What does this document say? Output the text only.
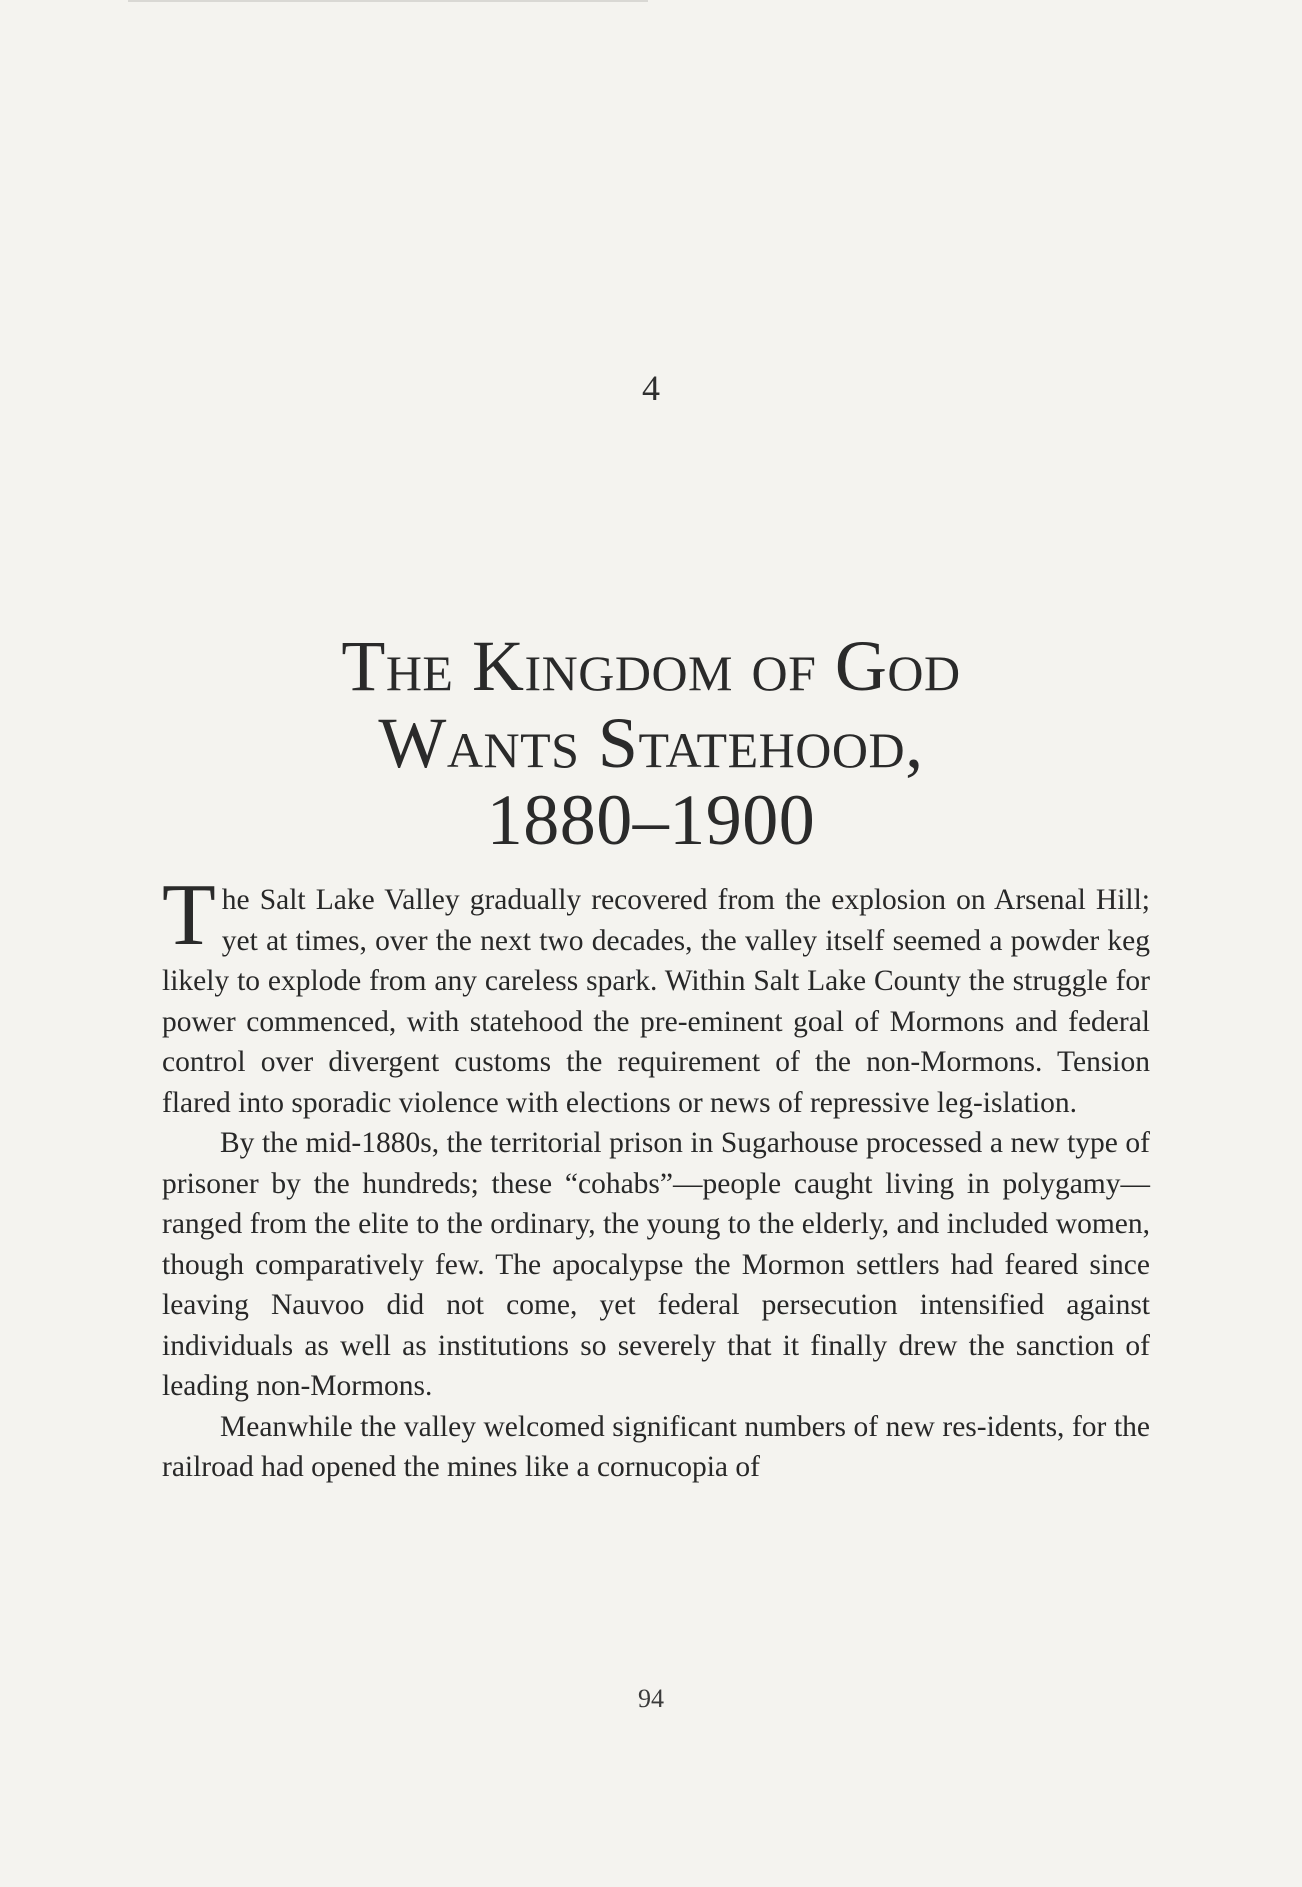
4
The Kingdom of God
Wants Statehood,
1880–1900

The Salt Lake Valley gradually recovered from the explosion on Arsenal Hill; yet at times, over the next two decades, the valley itself seemed a powder keg likely to explode from any careless spark. Within Salt Lake County the struggle for power commenced, with statehood the pre-eminent goal of Mormons and federal control over divergent customs the requirement of the non-Mormons. Tension flared into sporadic violence with elections or news of repressive leg-islation.

By the mid-1880s, the territorial prison in Sugarhouse processed a new type of prisoner by the hundreds; these “cohabs”—people caught living in polygamy—ranged from the elite to the ordinary, the young to the elderly, and included women, though comparatively few. The apocalypse the Mormon settlers had feared since leaving Nauvoo did not come, yet federal persecution intensified against individuals as well as institutions so severely that it finally drew the sanction of leading non-Mormons.

Meanwhile the valley welcomed significant numbers of new res-idents, for the railroad had opened the mines like a cornucopia of

94
